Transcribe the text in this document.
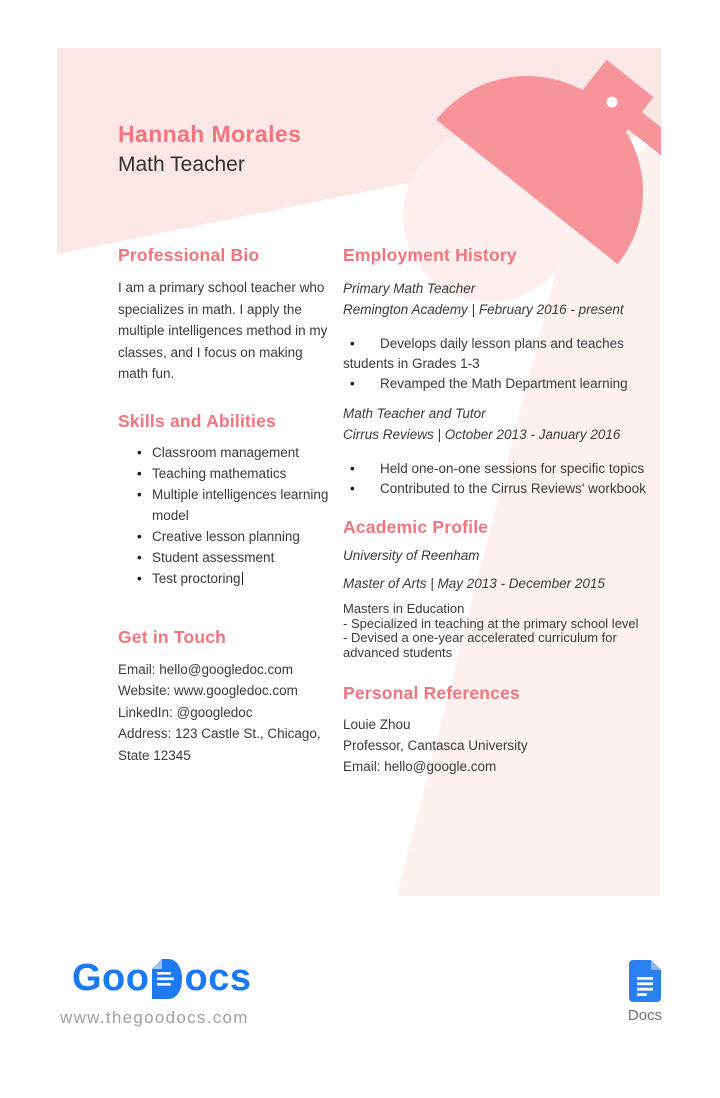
Hannah Morales
Math Teacher
Professional Bio

I am a primary school teacher who specializes in math. I apply the multiple intelligences method in my classes, and I focus on making math fun.

Skills and Abilities
• Classroom management
• Teaching mathematics
• Multiple intelligences learning model
• Creative lesson planning
• Student assessment
• Test proctoring
Get in Touch
Email: hello@googledoc.com
Website: www.googledoc.com
LinkedIn: @googledoc
Address: 123 Castle St., Chicago, State 12345
Employment History
Primary Math Teacher
Remington Academy | February 2016 - present
• Develops daily lesson plans and teaches students in Grades 1-3
• Revamped the Math Department learning
Math Teacher and Tutor
Cirrus Reviews | October 2013 - January 2016
• Held one-on-one sessions for specific topics
• Contributed to the Cirrus Reviews' workbook
Academic Profile
University of Reenham
Master of Arts | May 2013 - December 2015
Masters in Education
- Specialized in teaching at the primary school level
- Devised a one-year accelerated curriculum for advanced students
Personal References
Louie Zhou
Professor, Cantasca University
Email: hello@google.com
Goo ocs
www.thegoodocs.com	Docs
